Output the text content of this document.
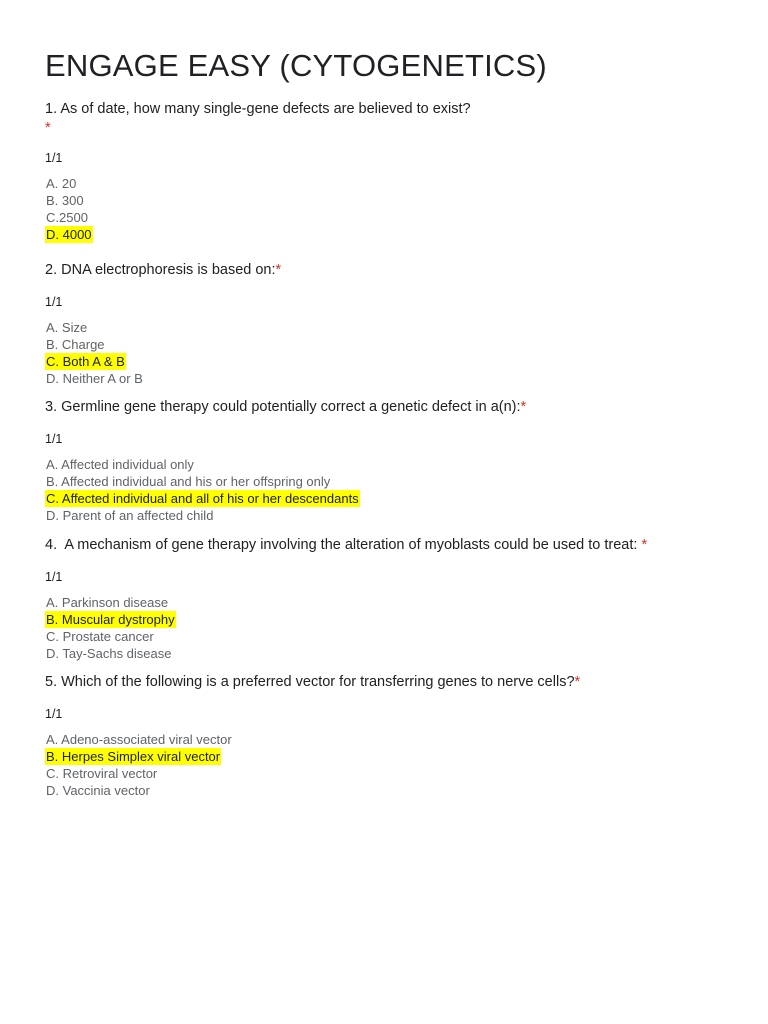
ENGAGE EASY (CYTOGENETICS)
1. As of date, how many single-gene defects are believed to exist?
*
1/1
A. 20
B. 300
C.2500
D. 4000
2. DNA electrophoresis is based on:*
1/1
A. Size
B. Charge
C. Both A & B
D. Neither A or B
3. Germline gene therapy could potentially correct a genetic defect in a(n):*
1/1
A. Affected individual only
B. Affected individual and his or her offspring only
C. Affected individual and all of his or her descendants
D. Parent of an affected child
4.  A mechanism of gene therapy involving the alteration of myoblasts could be used to treat: *
1/1
A. Parkinson disease
B. Muscular dystrophy
C. Prostate cancer
D. Tay-Sachs disease
5. Which of the following is a preferred vector for transferring genes to nerve cells?*
1/1
A. Adeno-associated viral vector
B. Herpes Simplex viral vector
C. Retroviral vector
D. Vaccinia vector
